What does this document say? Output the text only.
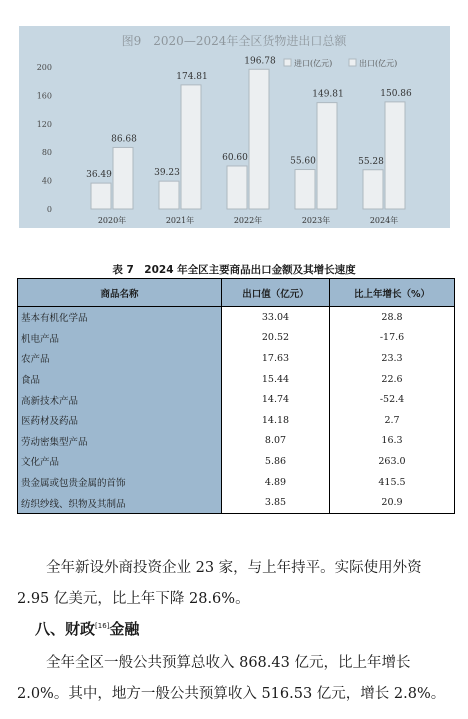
图9　2020—2024年全区货物进出口总额
进口(亿元)	出口(亿元)
0
40
80
120
160
200
36.49
86.68
39.23
174.81
60.60
196.78
55.60
149.81
55.28
150.86
2020年	2021年	2022年	2023年	2024年
表 7　2024 年全区主要商品出口金额及其增长速度
商品名称	出口值（亿元）	比上年增长（%）
基本有机化学品	33.04	28.8
机电产品	20.52	-17.6
农产品	17.63	23.3
食品	15.44	22.6
高新技术产品	14.74	-52.4
医药材及药品	14.18	2.7
劳动密集型产品	8.07	16.3
文化产品	5.86	263.0
贵金属或包贵金属的首饰	4.89	415.5
纺织纱线、织物及其制品	3.85	20.9
全年新设外商投资企业 23 家，与上年持平。实际使用外资 2.95 亿美元，比上年下降 28.6%。
八、财政[16]金融
全年全区一般公共预算总收入 868.43 亿元，比上年增长 2.0%。其中，地方一般公共预算收入 516.53 亿元，增长 2.8%。
